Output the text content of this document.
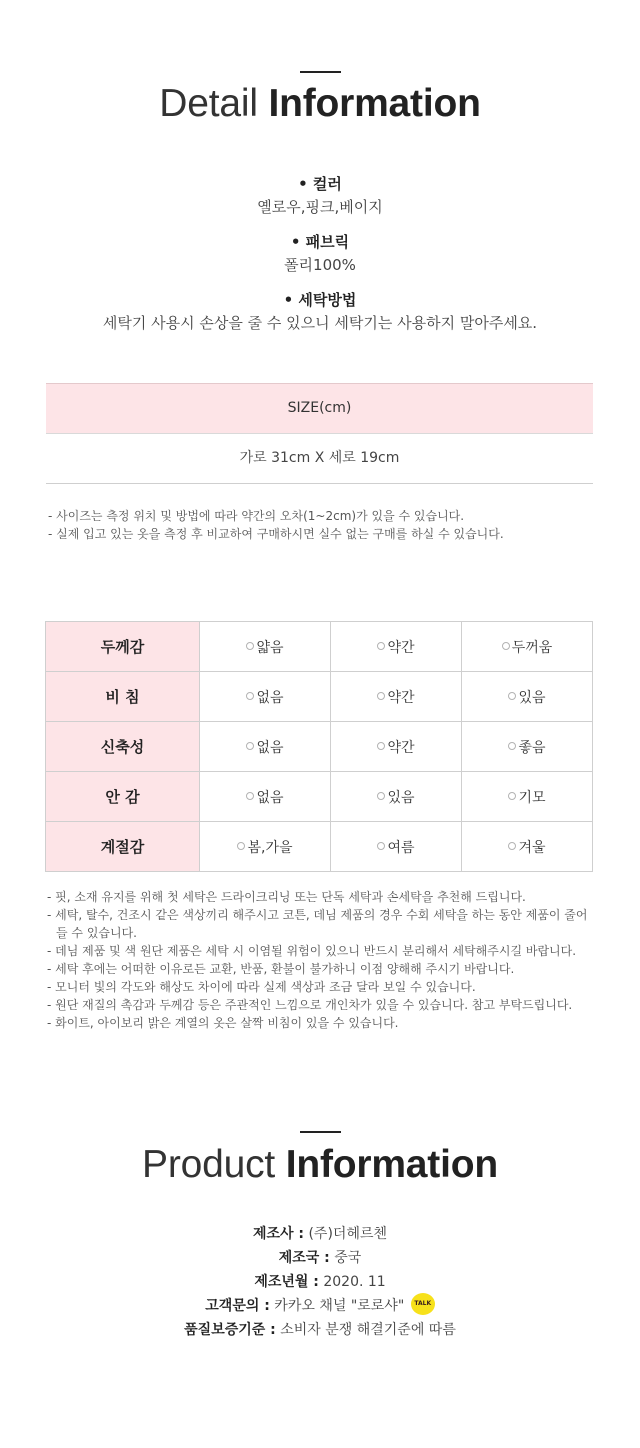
Detail Information
• 컬러
옐로우,핑크,베이지
• 패브릭
폴리100%
• 세탁방법
세탁기 사용시 손상을 줄 수 있으니 세탁기는 사용하지 말아주세요.
SIZE(cm)
가로 31cm X 세로 19cm
- 사이즈는 측정 위치 및 방법에 따라 약간의 오차(1~2cm)가 있을 수 있습니다.
- 실제 입고 있는 옷을 측정 후 비교하여 구매하시면 실수 없는 구매를 하실 수 있습니다.
두께감	얇음	약간	두꺼움
비 침	없음	약간	있음
신축성	없음	약간	좋음
안 감	없음	있음	기모
계절감	봄,가을	여름	겨울
- 핏, 소재 유지를 위해 첫 세탁은 드라이크리닝 또는 단독 세탁과 손세탁을 추천해 드립니다.
- 세탁, 탈수, 건조시 같은 색상끼리 해주시고 코튼, 데님 제품의 경우 수회 세탁을 하는 동안 제품이 줄어들 수 있습니다.
- 데님 제품 및 색 원단 제품은 세탁 시 이염될 위험이 있으니 반드시 분리해서 세탁해주시길 바랍니다.
- 세탁 후에는 어떠한 이유로든 교환, 반품, 환불이 불가하니 이점 양해해 주시기 바랍니다.
- 모니터 빛의 각도와 해상도 차이에 따라 실제 색상과 조금 달라 보일 수 있습니다.
- 원단 재질의 촉감과 두께감 등은 주관적인 느낌으로 개인차가 있을 수 있습니다. 참고 부탁드립니다.
- 화이트, 아이보리 밝은 계열의 옷은 살짝 비침이 있을 수 있습니다.
Product Information
제조사 : (주)더헤르첸
제조국 : 중국
제조년월 : 2020. 11
고객문의 : 카카오 채널 "로로샤" TALK
품질보증기준 : 소비자 분쟁 해결기준에 따름
